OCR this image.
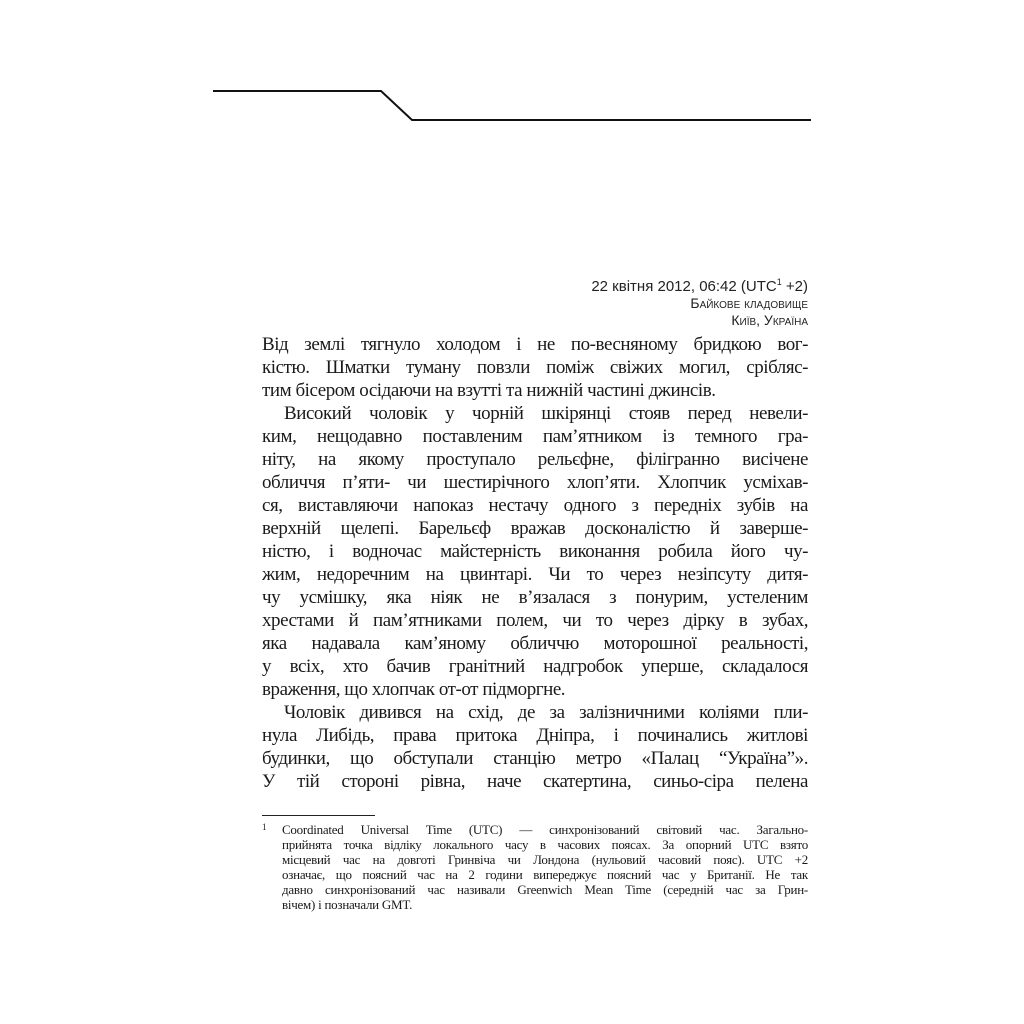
22 квітня 2012, 06:42 $(UTC^1 +2)$
Байкове кладовище
Київ, Україна
Від землі тягнуло холодом і не по-весняному бридкою вог-
кістю. Шматки туману повзли поміж свіжих могил, срібляс-
тим бісером осідаючи на взутті та нижній частині джинсів.
Високий чоловік у чорній шкірянці стояв перед невели-
ким, нещодавно поставленим пам’ятником із темного гра-
ніту, на якому проступало рельєфне, філігранно висічене
обличчя п’яти- чи шестирічного хлоп’яти. Хлопчик усміхав-
ся, виставляючи напоказ нестачу одного з передніх зубів на
верхній щелепі. Барельєф вражав досконалістю й заверше-
ністю, і водночас майстерність виконання робила його чу-
жим, недоречним на цвинтарі. Чи то через незіпсуту дитя-
чу усмішку, яка ніяк не в’язалася з понурим, устеленим
хрестами й пам’ятниками полем, чи то через дірку в зубах,
яка надавала кам’яному обличчю моторошної реальності,
у всіх, хто бачив гранітний надгробок уперше, складалося
враження, що хлопчак от-от підморгне.
Чоловік дивився на схід, де за залізничними коліями пли-
нула Либідь, права притока Дніпра, і починались житлові
будинки, що обступали станцію метро «Палац “Україна”».
У тій стороні рівна, наче скатертина, синьо-сіра пелена
1 Coordinated Universal Time (UTC) — синхронізований світовий час. Загально-
прийнята точка відліку локального часу в часових поясах. За опорний UTC взято
місцевий час на довготі Гринвіча чи Лондона (нульовий часовий пояс). UTC +2
означає, що поясний час на 2 години випереджує поясний час у Британії. Не так
давно синхронізований час називали Greenwich Mean Time (середній час за Грин-
вічем) і позначали GMT.
